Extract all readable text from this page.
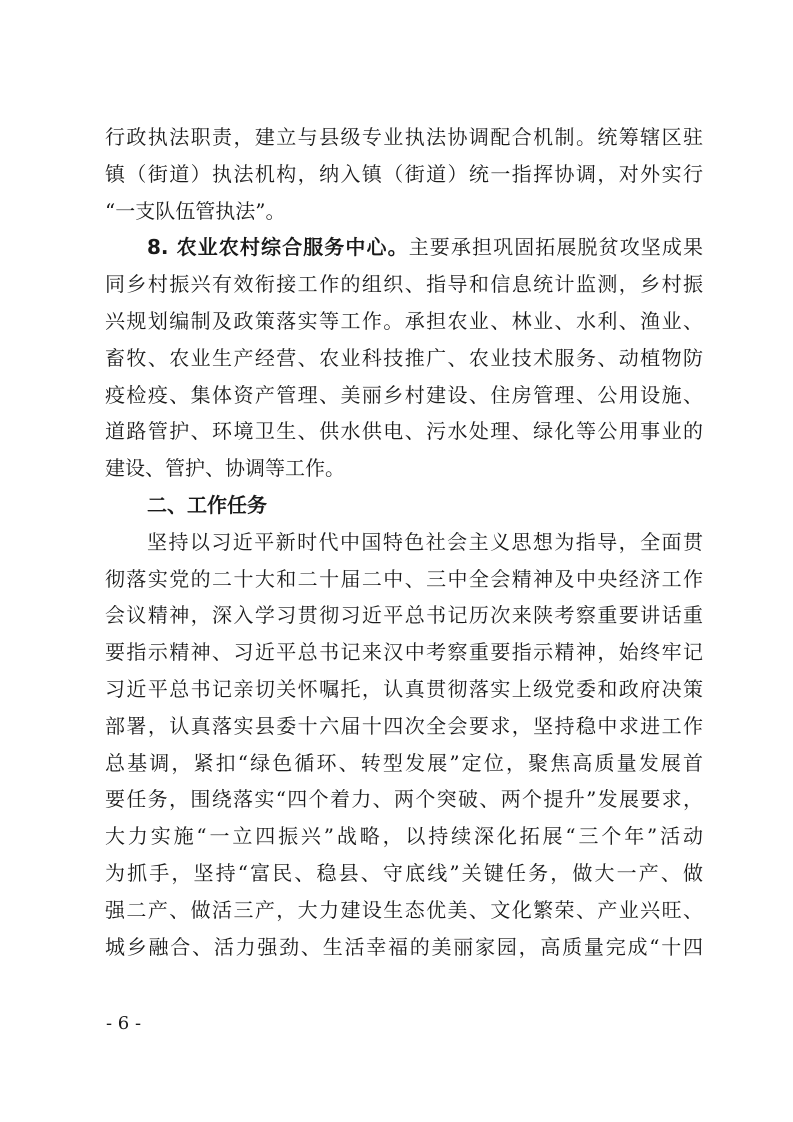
行政执法职责，建立与县级专业执法协调配合机制。统筹辖区驻
镇（街道）执法机构，纳入镇（街道）统一指挥协调，对外实行
“一支队伍管执法”。
8. 农业农村综合服务中心。主要承担巩固拓展脱贫攻坚成果
同乡村振兴有效衔接工作的组织、指导和信息统计监测，乡村振
兴规划编制及政策落实等工作。承担农业、林业、水利、渔业、
畜牧、农业生产经营、农业科技推广、农业技术服务、动植物防
疫检疫、集体资产管理、美丽乡村建设、住房管理、公用设施、
道路管护、环境卫生、供水供电、污水处理、绿化等公用事业的
建设、管护、协调等工作。
二、工作任务
坚持以习近平新时代中国特色社会主义思想为指导，全面贯
彻落实党的二十大和二十届二中、三中全会精神及中央经济工作
会议精神，深入学习贯彻习近平总书记历次来陕考察重要讲话重
要指示精神、习近平总书记来汉中考察重要指示精神，始终牢记
习近平总书记亲切关怀嘱托，认真贯彻落实上级党委和政府决策
部署，认真落实县委十六届十四次全会要求，坚持稳中求进工作
总基调，紧扣“绿色循环、转型发展”定位，聚焦高质量发展首
要任务，围绕落实“四个着力、两个突破、两个提升”发展要求，
大力实施“一立四振兴”战略，以持续深化拓展“三个年”活动
为抓手，坚持“富民、稳县、守底线”关键任务，做大一产、做
强二产、做活三产，大力建设生态优美、文化繁荣、产业兴旺、
城乡融合、活力强劲、生活幸福的美丽家园，高质量完成“十四
- 6 -
